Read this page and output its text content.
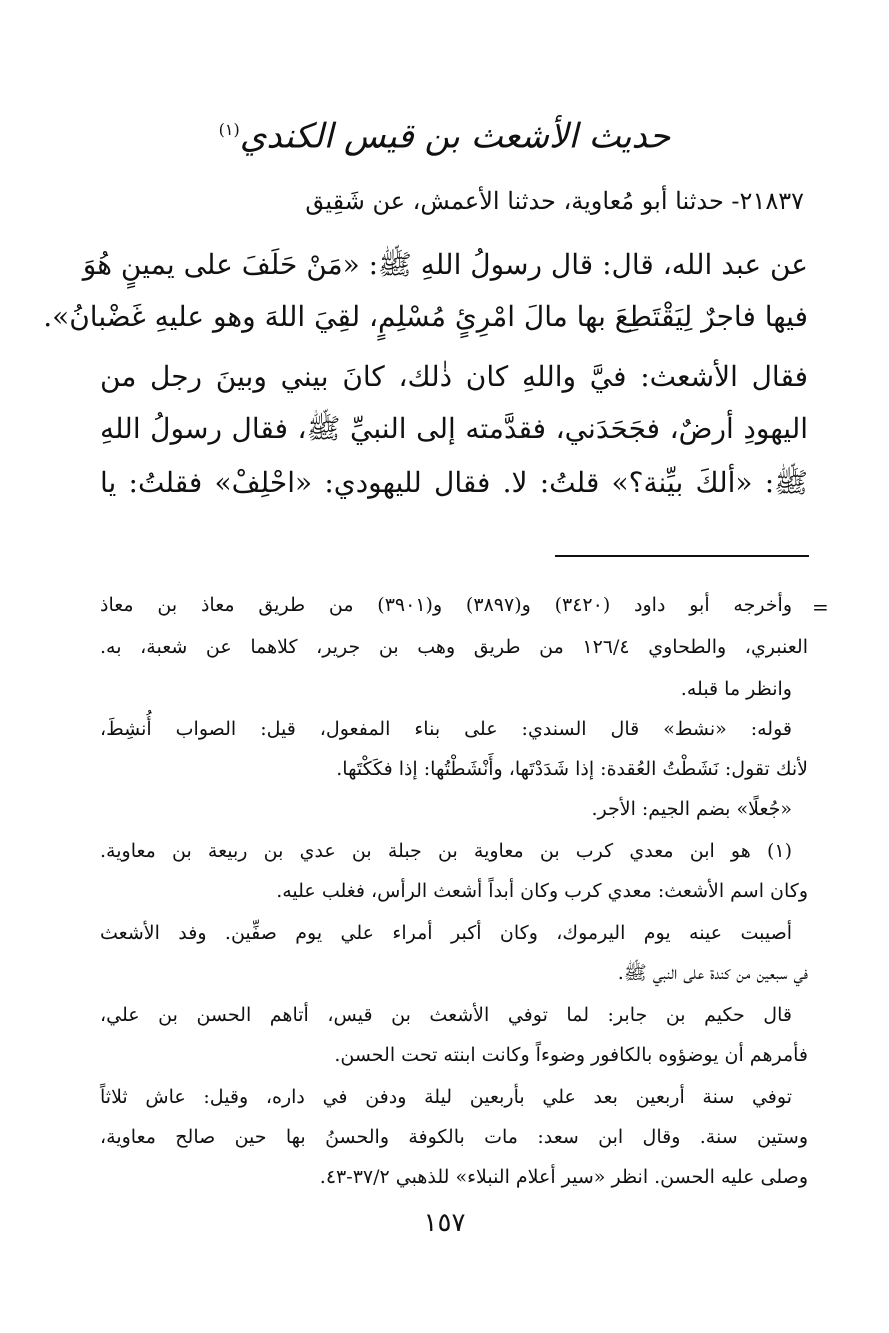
حديث الأشعث بن قيس الكندي$^{(١)}$
٢١٨٣٧- حدثنا أبو مُعاوية، حدثنا الأعمش، عن شَقِيق
عن عبد الله، قال: قال رسولُ اللهِ ﷺ: «مَنْ حَلَفَ على يمينٍ هُوَ
فيها فاجرٌ لِيَقْتَطِعَ بها مالَ امْرِئٍ مُسْلِمٍ، لقِيَ اللهَ وهو عليهِ غَضْبانُ».
فقال الأشعث: فيَّ واللهِ كان ذٰلك، كانَ بيني وبينَ رجل من
اليهودِ أرضٌ، فجَحَدَني، فقدَّمته إلى النبيِّ ﷺ، فقال رسولُ اللهِ
ﷺ: «ألكَ بيِّنة؟» قلتُ: لا. فقال لليهودي: «احْلِفْ» فقلتُ: يا
=
وأخرجه أبو داود (٣٤٢٠) و(٣٨٩٧) و(٣٩٠١) من طريق معاذ بن معاذ
العنبري، والطحاوي ١٢٦/٤ من طريق وهب بن جرير، كلاهما عن شعبة، به.
وانظر ما قبله.
قوله: «نشط» قال السندي: على بناء المفعول، قيل: الصواب أُنشِطَ،
لأنك تقول: نَشَطْتُ العُقدة: إذا شَدَدْتَها، وأَنْشَطْتُها: إذا فكَكْتَها.
«جُعلًا» بضم الجيم: الأجر.
(١) هو ابن معدي كرب بن معاوية بن جبلة بن عدي بن ربيعة بن معاوية.
وكان اسم الأشعث: معدي كرب وكان أبداً أشعث الرأس، فغلب عليه.
أصيبت عينه يوم اليرموك، وكان أكبر أمراء علي يوم صفِّين. وفد الأشعث
في سبعين من كندة على النبي ﷺ.
قال حكيم بن جابر: لما توفي الأشعث بن قيس، أتاهم الحسن بن علي،
فأمرهم أن يوضؤوه بالكافور وضوءاً وكانت ابنته تحت الحسن.
توفي سنة أربعين بعد علي بأربعين ليلة ودفن في داره، وقيل: عاش ثلاثاً
وستين سنة. وقال ابن سعد: مات بالكوفة والحسنُ بها حين صالح معاوية،
وصلى عليه الحسن. انظر «سير أعلام النبلاء» للذهبي ٣٧/٢-٤٣.
١٥٧
